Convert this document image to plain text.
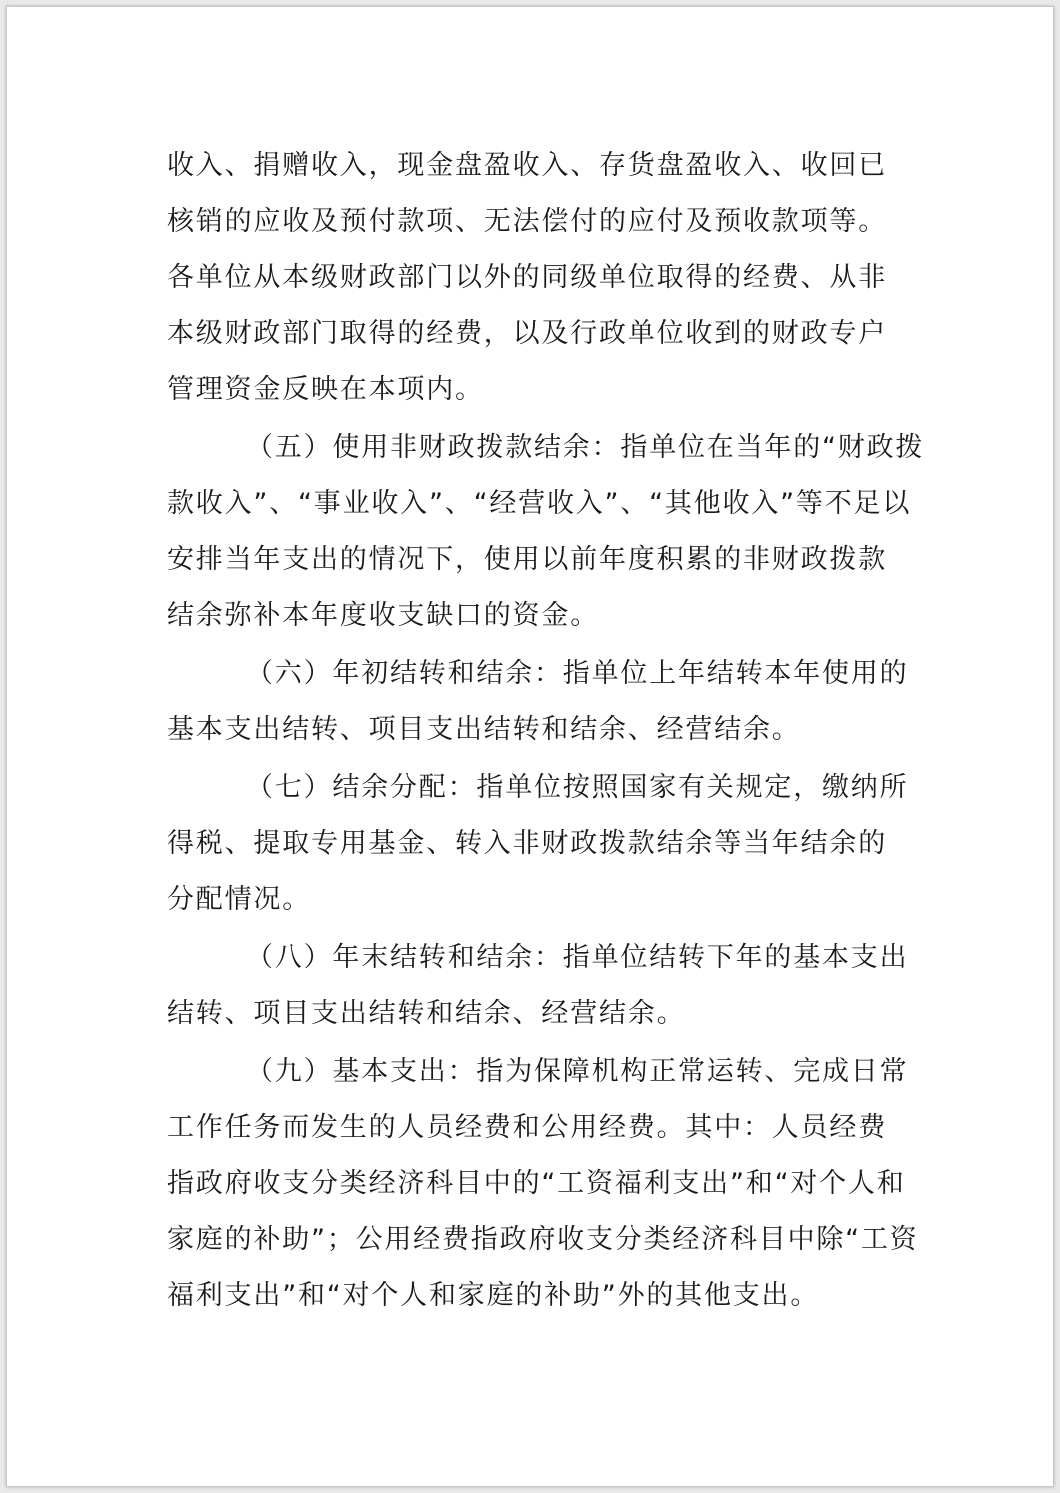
收入、捐赠收入，现金盘盈收入、存货盘盈收入、收回已
核销的应收及预付款项、无法偿付的应付及预收款项等。
各单位从本级财政部门以外的同级单位取得的经费、从非
本级财政部门取得的经费，以及行政单位收到的财政专户
管理资金反映在本项内。
（五）使用非财政拨款结余：指单位在当年的“财政拨
款收入”、“事业收入”、“经营收入”、“其他收入”等不足以
安排当年支出的情况下，使用以前年度积累的非财政拨款
结余弥补本年度收支缺口的资金。
（六）年初结转和结余：指单位上年结转本年使用的
基本支出结转、项目支出结转和结余、经营结余。
（七）结余分配：指单位按照国家有关规定，缴纳所
得税、提取专用基金、转入非财政拨款结余等当年结余的
分配情况。
（八）年末结转和结余：指单位结转下年的基本支出
结转、项目支出结转和结余、经营结余。
（九）基本支出：指为保障机构正常运转、完成日常
工作任务而发生的人员经费和公用经费。其中：人员经费
指政府收支分类经济科目中的“工资福利支出”和“对个人和
家庭的补助”；公用经费指政府收支分类经济科目中除“工资
福利支出”和“对个人和家庭的补助”外的其他支出。
